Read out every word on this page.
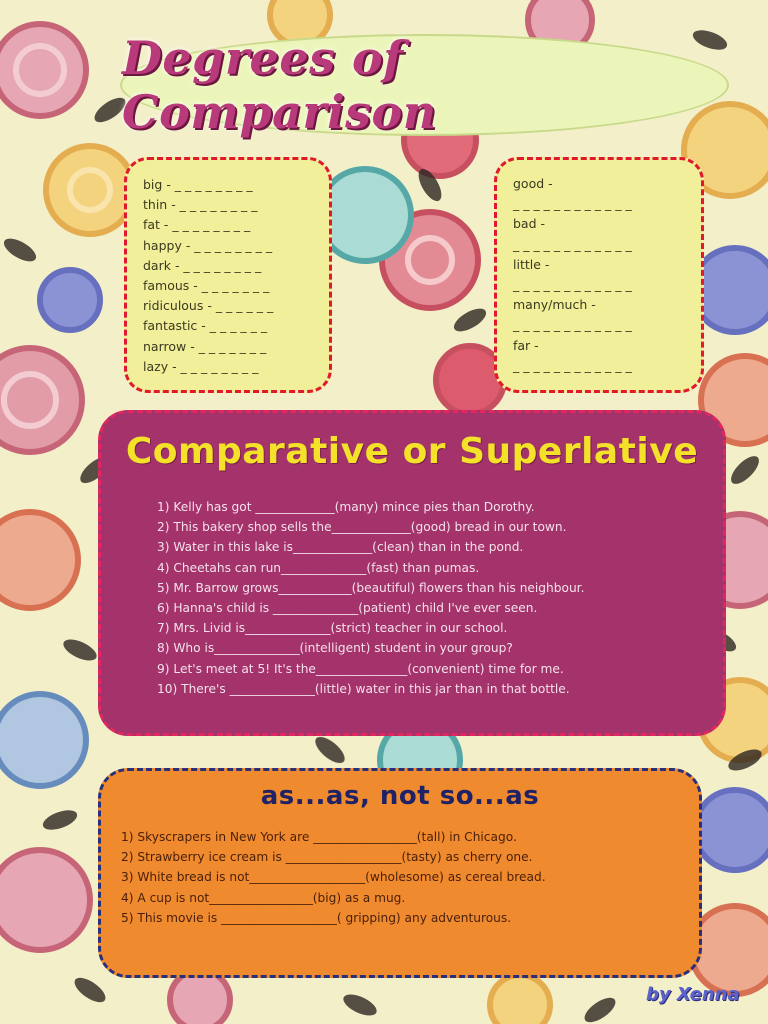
Degrees of Comparison
big - _ _ _ _ _ _ _ _
thin - _ _ _ _ _ _ _ _
fat - _ _ _ _ _ _ _ _
happy - _ _ _ _ _ _ _ _
dark - _ _ _ _ _ _ _ _
famous - _ _ _ _ _ _ _
ridiculous - _ _ _ _ _ _
fantastic - _ _ _ _ _ _
narrow - _ _ _ _ _ _ _
lazy - _ _ _ _ _ _ _ _
good -
_ _ _ _ _ _ _ _ _ _ _ _
bad -
_ _ _ _ _ _ _ _ _ _ _ _
little -
_ _ _ _ _ _ _ _ _ _ _ _
many/much -
_ _ _ _ _ _ _ _ _ _ _ _
far -
_ _ _ _ _ _ _ _ _ _ _ _
Comparative or Superlative
1) Kelly has got _____________(many) mince pies than Dorothy.
2) This bakery shop sells the_____________(good) bread in our town.
3) Water in this lake is_____________(clean) than in the pond.
4) Cheetahs can run______________(fast) than pumas.
5) Mr. Barrow grows____________(beautiful) flowers than his neighbour.
6) Hanna's child is ______________(patient) child I've ever seen.
7) Mrs. Livid is______________(strict) teacher in our school.
8) Who is______________(intelligent) student in your group?
9) Let's meet at 5! It's the_______________(convenient) time for me.
10) There's ______________(little) water in this jar than in that bottle.
as...as, not so...as
1) Skyscrapers in New York are _________________(tall) in Chicago.
2) Strawberry ice cream is ___________________(tasty) as cherry one.
3) White bread is not___________________(wholesome) as cereal bread.
4) A cup is not_________________(big) as a mug.
5) This movie is ___________________( gripping) any adventurous.
by Xenna
